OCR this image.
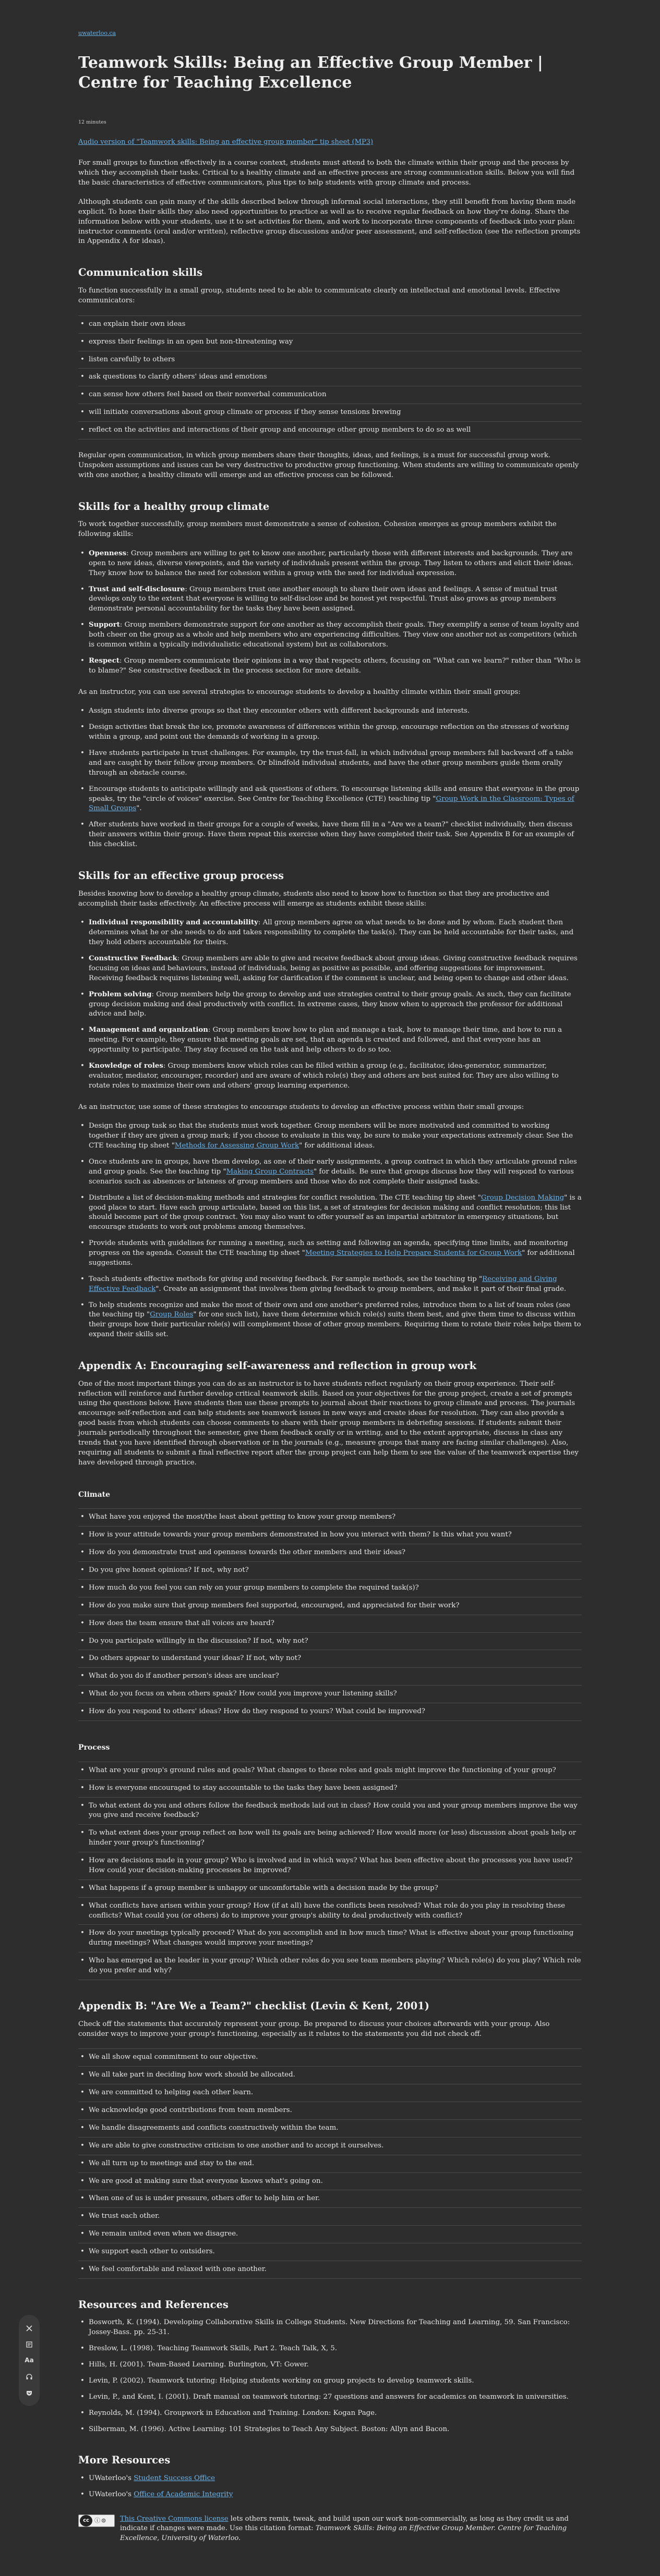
uwaterloo.ca
Teamwork Skills: Being an Effective Group Member | Centre for Teaching Excellence
12 minutes
Audio version of "Teamwork skills: Being an effective group member" tip sheet (MP3)

For small groups to function effectively in a course context, students must attend to both the climate within their group and the process by which they accomplish their tasks. Critical to a healthy climate and an effective process are strong communication skills. Below you will find the basic characteristics of effective communicators, plus tips to help students with group climate and process.

Although students can gain many of the skills described below through informal social interactions, they still benefit from having them made explicit. To hone their skills they also need opportunities to practice as well as to receive regular feedback on how they're doing. Share the information below with your students, use it to set activities for them, and work to incorporate three components of feedback into your plan: instructor comments (oral and/or written), reflective group discussions and/or peer assessment, and self-reflection (see the reflection prompts in Appendix A for ideas).

Communication skills

To function successfully in a small group, students need to be able to communicate clearly on intellectual and emotional levels. Effective communicators:

• can explain their own ideas
• express their feelings in an open but non-threatening way
• listen carefully to others
• ask questions to clarify others' ideas and emotions
• can sense how others feel based on their nonverbal communication
• will initiate conversations about group climate or process if they sense tensions brewing
• reflect on the activities and interactions of their group and encourage other group members to do so as well

Regular open communication, in which group members share their thoughts, ideas, and feelings, is a must for successful group work. Unspoken assumptions and issues can be very destructive to productive group functioning. When students are willing to communicate openly with one another, a healthy climate will emerge and an effective process can be followed.

Skills for a healthy group climate

To work together successfully, group members must demonstrate a sense of cohesion. Cohesion emerges as group members exhibit the following skills:

• Openness: Group members are willing to get to know one another, particularly those with different interests and backgrounds. They are open to new ideas, diverse viewpoints, and the variety of individuals present within the group. They listen to others and elicit their ideas. They know how to balance the need for cohesion within a group with the need for individual expression.
• Trust and self-disclosure: Group members trust one another enough to share their own ideas and feelings. A sense of mutual trust develops only to the extent that everyone is willing to self-disclose and be honest yet respectful. Trust also grows as group members demonstrate personal accountability for the tasks they have been assigned.
• Support: Group members demonstrate support for one another as they accomplish their goals. They exemplify a sense of team loyalty and both cheer on the group as a whole and help members who are experiencing difficulties. They view one another not as competitors (which is common within a typically individualistic educational system) but as collaborators.
• Respect: Group members communicate their opinions in a way that respects others, focusing on "What can we learn?" rather than "Who is to blame?" See constructive feedback in the process section for more details.

As an instructor, you can use several strategies to encourage students to develop a healthy climate within their small groups:

• Assign students into diverse groups so that they encounter others with different backgrounds and interests.
• Design activities that break the ice, promote awareness of differences within the group, encourage reflection on the stresses of working within a group, and point out the demands of working in a group.
• Have students participate in trust challenges. For example, try the trust-fall, in which individual group members fall backward off a table and are caught by their fellow group members. Or blindfold individual students, and have the other group members guide them orally through an obstacle course.
• Encourage students to anticipate willingly and ask questions of others. To encourage listening skills and ensure that everyone in the group speaks, try the "circle of voices" exercise. See Centre for Teaching Excellence (CTE) teaching tip "Group Work in the Classroom: Types of Small Groups".
• After students have worked in their groups for a couple of weeks, have them fill in a "Are we a team?" checklist individually, then discuss their answers within their group. Have them repeat this exercise when they have completed their task. See Appendix B for an example of this checklist.
Skills for an effective group process

Besides knowing how to develop a healthy group climate, students also need to know how to function so that they are productive and accomplish their tasks effectively. An effective process will emerge as students exhibit these skills:

• Individual responsibility and accountability: All group members agree on what needs to be done and by whom. Each student then determines what he or she needs to do and takes responsibility to complete the task(s). They can be held accountable for their tasks, and they hold others accountable for theirs.
• Constructive Feedback: Group members are able to give and receive feedback about group ideas. Giving constructive feedback requires focusing on ideas and behaviours, instead of individuals, being as positive as possible, and offering suggestions for improvement. Receiving feedback requires listening well, asking for clarification if the comment is unclear, and being open to change and other ideas.
• Problem solving: Group members help the group to develop and use strategies central to their group goals. As such, they can facilitate group decision making and deal productively with conflict. In extreme cases, they know when to approach the professor for additional advice and help.
• Management and organization: Group members know how to plan and manage a task, how to manage their time, and how to run a meeting. For example, they ensure that meeting goals are set, that an agenda is created and followed, and that everyone has an opportunity to participate. They stay focused on the task and help others to do so too.
• Knowledge of roles: Group members know which roles can be filled within a group (e.g., facilitator, idea-generator, summarizer, evaluator, mediator, encourager, recorder) and are aware of which role(s) they and others are best suited for. They are also willing to rotate roles to maximize their own and others' group learning experience.

As an instructor, use some of these strategies to encourage students to develop an effective process within their small groups:

• Design the group task so that the students must work together. Group members will be more motivated and committed to working together if they are given a group mark; if you choose to evaluate in this way, be sure to make your expectations extremely clear. See the CTE teaching tip sheet "Methods for Assessing Group Work" for additional ideas.
• Once students are in groups, have them develop, as one of their early assignments, a group contract in which they articulate ground rules and group goals. See the teaching tip "Making Group Contracts" for details. Be sure that groups discuss how they will respond to various scenarios such as absences or lateness of group members and those who do not complete their assigned tasks.
• Distribute a list of decision-making methods and strategies for conflict resolution. The CTE teaching tip sheet "Group Decision Making" is a good place to start. Have each group articulate, based on this list, a set of strategies for decision making and conflict resolution; this list should become part of the group contract. You may also want to offer yourself as an impartial arbitrator in emergency situations, but encourage students to work out problems among themselves.
• Provide students with guidelines for running a meeting, such as setting and following an agenda, specifying time limits, and monitoring progress on the agenda. Consult the CTE teaching tip sheet "Meeting Strategies to Help Prepare Students for Group Work" for additional suggestions.
• Teach students effective methods for giving and receiving feedback. For sample methods, see the teaching tip "Receiving and Giving Effective Feedback". Create an assignment that involves them giving feedback to group members, and make it part of their final grade.
• To help students recognize and make the most of their own and one another's preferred roles, introduce them to a list of team roles (see the teaching tip "Group Roles" for one such list), have them determine which role(s) suits them best, and give them time to discuss within their groups how their particular role(s) will complement those of other group members. Requiring them to rotate their roles helps them to expand their skills set.
Appendix A: Encouraging self-awareness and reflection in group work

One of the most important things you can do as an instructor is to have students reflect regularly on their group experience. Their self-reflection will reinforce and further develop critical teamwork skills. Based on your objectives for the group project, create a set of prompts using the questions below. Have students then use these prompts to journal about their reactions to group climate and process. The journals encourage self-reflection and can help students see teamwork issues in new ways and create ideas for resolution. They can also provide a good basis from which students can choose comments to share with their group members in debriefing sessions. If students submit their journals periodically throughout the semester, give them feedback orally or in writing, and to the extent appropriate, discuss in class any trends that you have identified through observation or in the journals (e.g., measure groups that many are facing similar challenges). Also, requiring all students to submit a final reflective report after the group project can help them to see the value of the teamwork expertise they have developed through practice.

Climate
• What have you enjoyed the most/the least about getting to know your group members?
• How is your attitude towards your group members demonstrated in how you interact with them? Is this what you want?
• How do you demonstrate trust and openness towards the other members and their ideas?
• Do you give honest opinions? If not, why not?
• How much do you feel you can rely on your group members to complete the required task(s)?
• How do you make sure that group members feel supported, encouraged, and appreciated for their work?
• How does the team ensure that all voices are heard?
• Do you participate willingly in the discussion? If not, why not?
• Do others appear to understand your ideas? If not, why not?
• What do you do if another person's ideas are unclear?
• What do you focus on when others speak? How could you improve your listening skills?
• How do you respond to others' ideas? How do they respond to yours? What could be improved?
Process
• What are your group's ground rules and goals? What changes to these roles and goals might improve the functioning of your group?
• How is everyone encouraged to stay accountable to the tasks they have been assigned?
• To what extent do you and others follow the feedback methods laid out in class? How could you and your group members improve the way you give and receive feedback?
• To what extent does your group reflect on how well its goals are being achieved? How would more (or less) discussion about goals help or hinder your group's functioning?
• How are decisions made in your group? Who is involved and in which ways? What has been effective about the processes you have used? How could your decision-making processes be improved?
• What happens if a group member is unhappy or uncomfortable with a decision made by the group?
• What conflicts have arisen within your group? How (if at all) have the conflicts been resolved? What role do you play in resolving these conflicts? What could you (or others) do to improve your group's ability to deal productively with conflict?
• How do your meetings typically proceed? What do you accomplish and in how much time? What is effective about your group functioning during meetings? What changes would improve your meetings?
• Who has emerged as the leader in your group? Which other roles do you see team members playing? Which role(s) do you play? Which role do you prefer and why?
Appendix B: "Are We a Team?" checklist (Levin & Kent, 2001)

Check off the statements that accurately represent your group. Be prepared to discuss your choices afterwards with your group. Also consider ways to improve your group's functioning, especially as it relates to the statements you did not check off.

• We all show equal commitment to our objective.
• We all take part in deciding how work should be allocated.
• We are committed to helping each other learn.
• We acknowledge good contributions from team members.
• We handle disagreements and conflicts constructively within the team.
• We are able to give constructive criticism to one another and to accept it ourselves.
• We all turn up to meetings and stay to the end.
• We are good at making sure that everyone knows what's going on.
• When one of us is under pressure, others offer to help him or her.
• We trust each other.
• We remain united even when we disagree.
• We support each other to outsiders.
• We feel comfortable and relaxed with one another.
Resources and References
• Bosworth, K. (1994). Developing Collaborative Skills in College Students. New Directions for Teaching and Learning, 59. San Francisco: Jossey-Bass. pp. 25-31.
• Breslow, L. (1998). Teaching Teamwork Skills, Part 2. Teach Talk, X, 5.
• Hills, H. (2001). Team-Based Learning. Burlington, VT: Gower.
• Levin, P. (2002). Teamwork tutoring: Helping students working on group projects to develop teamwork skills.
• Levin, P., and Kent, I. (2001). Draft manual on teamwork tutoring: 27 questions and answers for academics on teamwork in universities.
• Reynolds, M. (1994). Groupwork in Education and Training. London: Kogan Page.
• Silberman, M. (1996). Active Learning: 101 Strategies to Teach Any Subject. Boston: Allyn and Bacon.
More Resources
• UWaterloo's Student Success Office
• UWaterloo's Office of Academic Integrity
cc ⓘ⊜ This Creative Commons license lets others remix, tweak, and build upon our work non-commercially, as long as they credit us and indicate if changes were made. Use this citation format: Teamwork Skills: Being an Effective Group Member. Centre for Teaching Excellence, University of Waterloo.
Aa
